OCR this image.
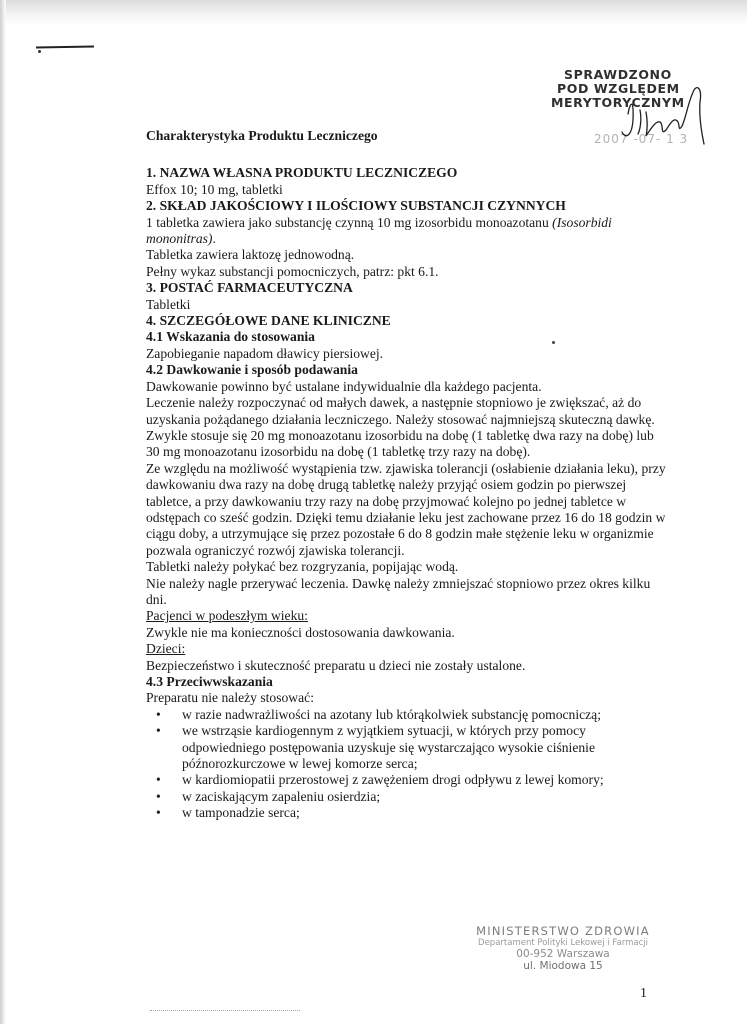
SPRAWDZONO
POD WZGLĘDEM
MERYTORYCZNYM
2007 -07- 1 3

Charakterystyka Produktu Leczniczego

1. NAZWA WŁASNA PRODUKTU LECZNICZEGO

Effox 10; 10 mg, tabletki

2. SKŁAD JAKOŚCIOWY I ILOŚCIOWY SUBSTANCJI CZYNNYCH

1 tabletka zawiera jako substancję czynną 10 mg izosorbidu monoazotanu (Isosorbidi mononitras).

Tabletka zawiera laktozę jednowodną.

Pełny wykaz substancji pomocniczych, patrz: pkt 6.1.

3. POSTAĆ FARMACEUTYCZNA

Tabletki

4. SZCZEGÓŁOWE DANE KLINICZNE

4.1 Wskazania do stosowania

Zapobieganie napadom dławicy piersiowej.

4.2 Dawkowanie i sposób podawania

Dawkowanie powinno być ustalane indywidualnie dla każdego pacjenta.

Leczenie należy rozpoczynać od małych dawek, a następnie stopniowo je zwiększać, aż do uzyskania pożądanego działania leczniczego. Należy stosować najmniejszą skuteczną dawkę.

Zwykle stosuje się 20 mg monoazotanu izosorbidu na dobę (1 tabletkę dwa razy na dobę) lub 30 mg monoazotanu izosorbidu na dobę (1 tabletkę trzy razy na dobę).

Ze względu na możliwość wystąpienia tzw. zjawiska tolerancji (osłabienie działania leku), przy dawkowaniu dwa razy na dobę drugą tabletkę należy przyjąć osiem godzin po pierwszej tabletce, a przy dawkowaniu trzy razy na dobę przyjmować kolejno po jednej tabletce w odstępach co sześć godzin. Dzięki temu działanie leku jest zachowane przez 16 do 18 godzin w ciągu doby, a utrzymujące się przez pozostałe 6 do 8 godzin małe stężenie leku w organizmie pozwala ograniczyć rozwój zjawiska tolerancji.

Tabletki należy połykać bez rozgryzania, popijając wodą.

Nie należy nagle przerywać leczenia. Dawkę należy zmniejszać stopniowo przez okres kilku dni.

Pacjenci w podeszłym wieku:

Zwykle nie ma konieczności dostosowania dawkowania.

Dzieci:

Bezpieczeństwo i skuteczność preparatu u dzieci nie zostały ustalone.

4.3 Przeciwwskazania

Preparatu nie należy stosować:

• w razie nadwrażliwości na azotany lub którąkolwiek substancję pomocniczą;
• we wstrząsie kardiogennym z wyjątkiem sytuacji, w których przy pomocy odpowiedniego postępowania uzyskuje się wystarczająco wysokie ciśnienie późnorozkurczowe w lewej komorze serca;
• w kardiomiopatii przerostowej z zawężeniem drogi odpływu z lewej komory;
• w zaciskającym zapaleniu osierdzia;
• w tamponadzie serca;
MINISTERSTWO ZDROWIA
Departament Polityki Lekowej i Farmacji
00-952 Warszawa
ul. Miodowa 15
1
